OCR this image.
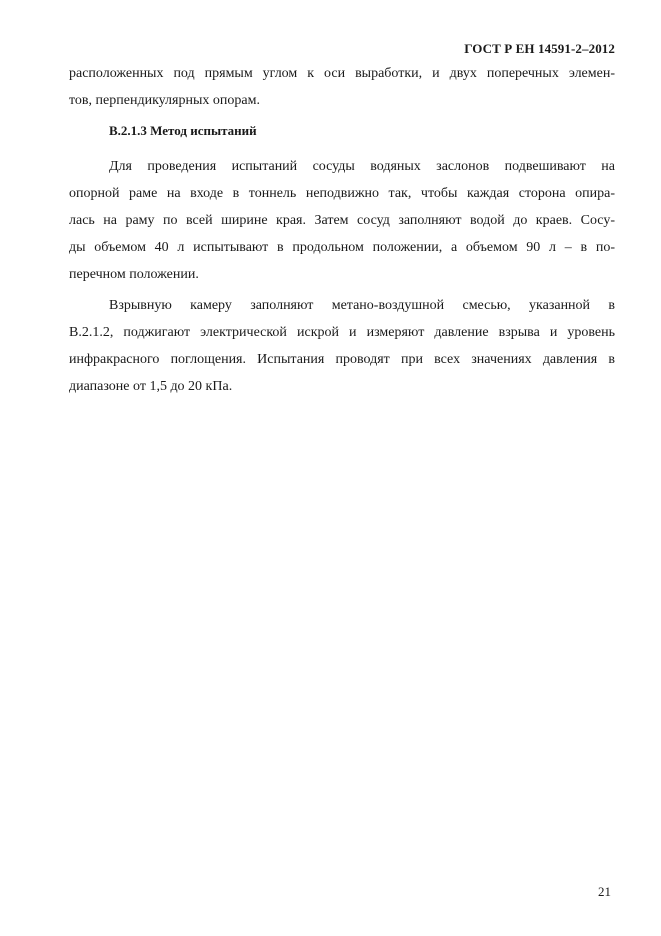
ГОСТ Р ЕН 14591-2–2012
расположенных под прямым углом к оси выработки, и двух поперечных элемен-
тов, перпендикулярных опорам.
B.2.1.3 Метод испытаний
Для проведения испытаний сосуды водяных заслонов подвешивают на
опорной раме на входе в тоннель неподвижно так, чтобы каждая сторона опира-
лась на раму по всей ширине края. Затем сосуд заполняют водой до краев. Сосу-
ды объемом 40 л испытывают в продольном положении, а объемом 90 л – в по-
перечном положении.
Взрывную камеру заполняют метано-воздушной смесью, указанной в
B.2.1.2, поджигают электрической искрой и измеряют давление взрыва и уровень
инфракрасного поглощения. Испытания проводят при всех значениях давления в
диапазоне от 1,5 до 20 кПа.
21
